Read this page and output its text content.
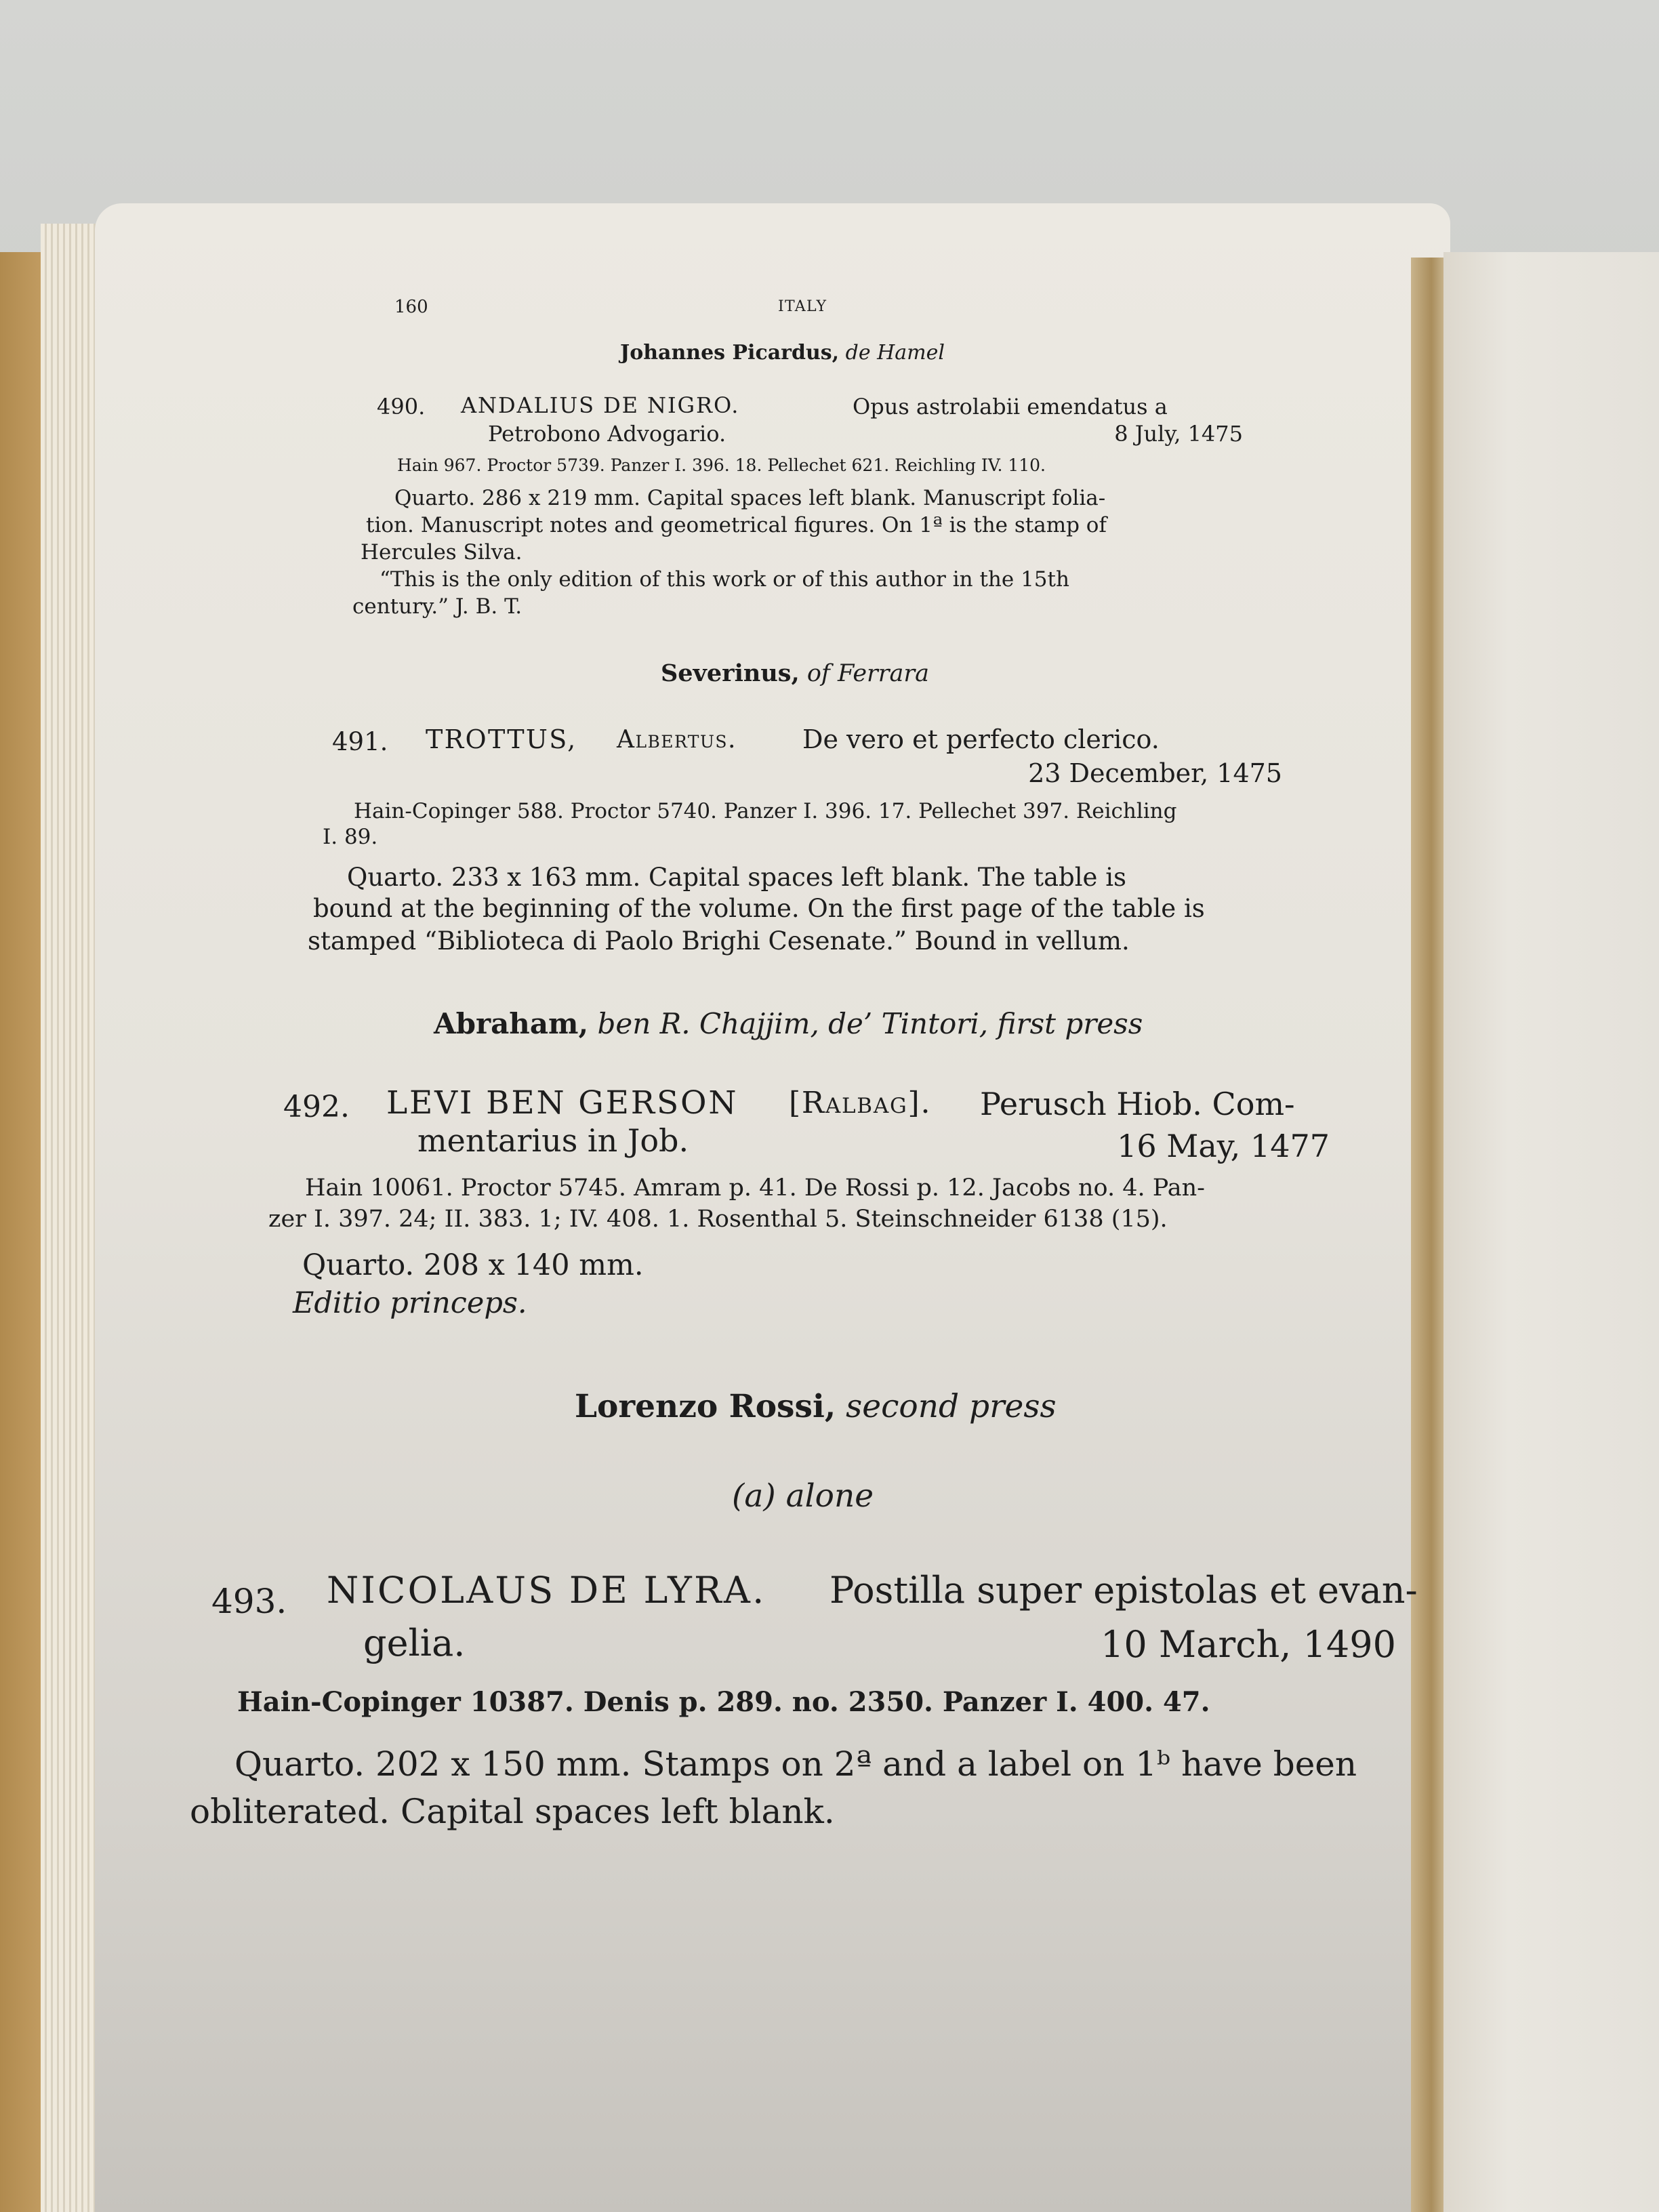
160	ITALY

Johannes Picardus, de Hamel

490. ANDALIUS DE NIGRO.	Opus astrolabii emendatus a

Petrobono Advogario.	8 July, 1475

Hain 967. Proctor 5739. Panzer I. 396. 18. Pellechet 621. Reichling IV. 110.

Quarto. 286 x 219 mm. Capital spaces left blank. Manuscript folia-

tion. Manuscript notes and geometrical figures. On 1ª is the stamp of

Hercules Silva.

“This is the only edition of this work or of this author in the 15th

century.” J. B. T.

Severinus, of Ferrara

491. TROTTUS, Albertus.	De vero et perfecto clerico.

23 December, 1475

Hain-Copinger 588. Proctor 5740. Panzer I. 396. 17. Pellechet 397. Reichling

I. 89.

Quarto. 233 x 163 mm. Capital spaces left blank. The table is

bound at the beginning of the volume. On the first page of the table is

stamped “Biblioteca di Paolo Brighi Cesenate.” Bound in vellum.

Abraham, ben R. Chajjim, de’ Tintori, first press

492. LEVI BEN GERSON [Ralbag]. Perusch Hiob. Com-

mentarius in Job.	16 May, 1477

Hain 10061. Proctor 5745. Amram p. 41. De Rossi p. 12. Jacobs no. 4. Pan-

zer I. 397. 24; II. 383. 1; IV. 408. 1. Rosenthal 5. Steinschneider 6138 (15).

Quarto. 208 x 140 mm.

Editio princeps.

Lorenzo Rossi, second press

(a) alone

493. NICOLAUS DE LYRA. Postilla super epistolas et evan-

gelia.	10 March, 1490

Hain-Copinger 10387. Denis p. 289. no. 2350. Panzer I. 400. 47.

Quarto. 202 x 150 mm. Stamps on 2ª and a label on 1ᵇ have been

obliterated. Capital spaces left blank.
